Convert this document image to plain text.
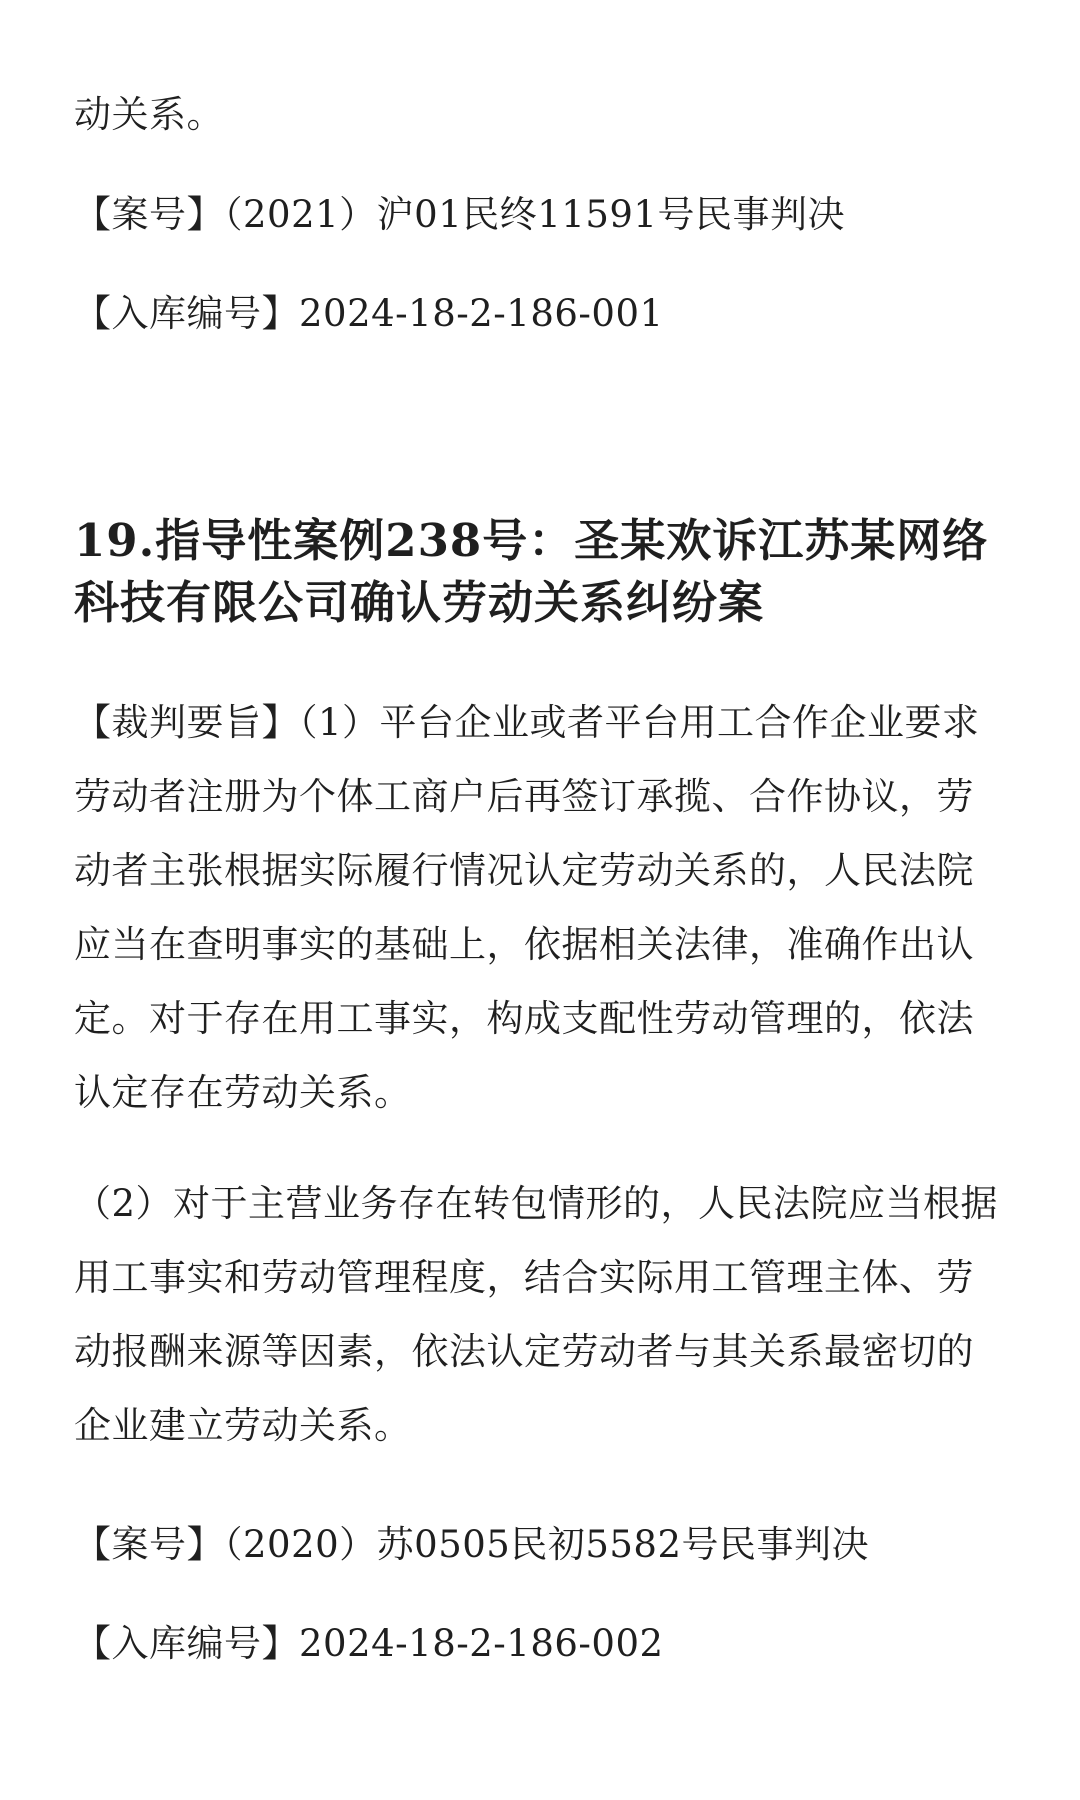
动关系。

【案号】（2021）沪01民终11591号民事判决

【入库编号】2024-18-2-186-001

19.指导性案例238号：圣某欢诉江苏某网络科技有限公司确认劳动关系纠纷案

【裁判要旨】（1）平台企业或者平台用工合作企业要求劳动者注册为个体工商户后再签订承揽、合作协议，劳动者主张根据实际履行情况认定劳动关系的，人民法院应当在查明事实的基础上，依据相关法律，准确作出认定。对于存在用工事实，构成支配性劳动管理的，依法认定存在劳动关系。

（2）对于主营业务存在转包情形的，人民法院应当根据用工事实和劳动管理程度，结合实际用工管理主体、劳动报酬来源等因素，依法认定劳动者与其关系最密切的企业建立劳动关系。

【案号】（2020）苏0505民初5582号民事判决

【入库编号】2024-18-2-186-002
